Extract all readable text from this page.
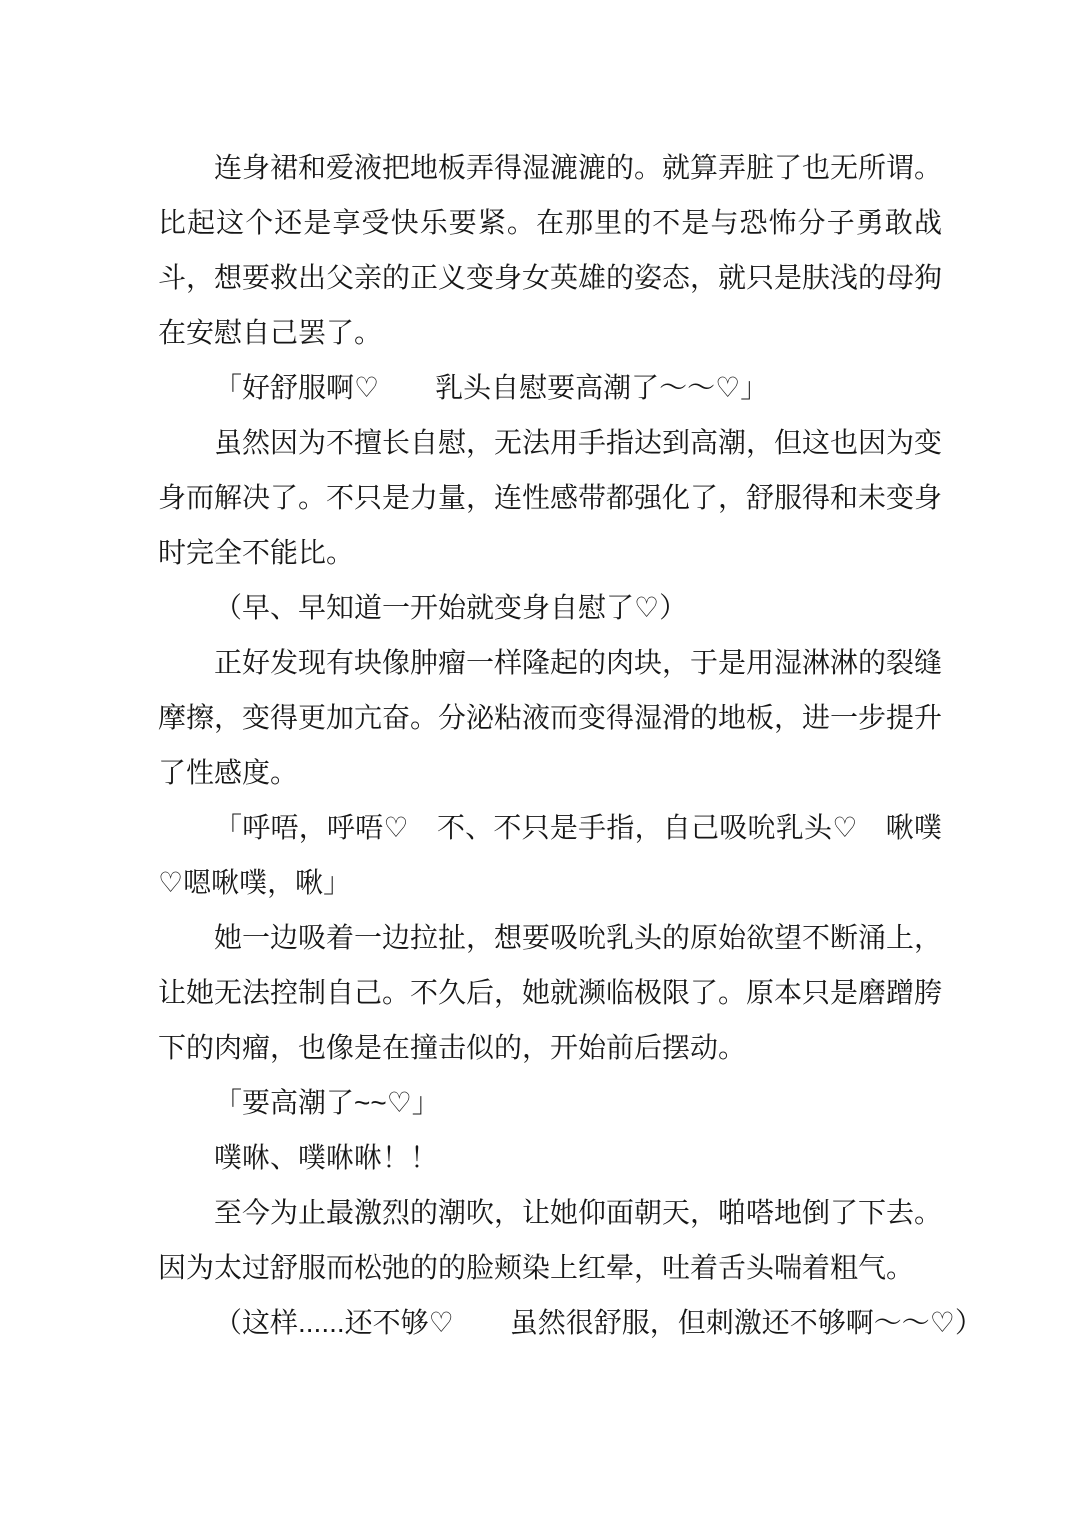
连身裙和爱液把地板弄得湿漉漉的。就算弄脏了也无所谓。比起这个还是享受快乐要紧。在那里的不是与恐怖分子勇敢战斗，想要救出父亲的正义变身女英雄的姿态，就只是肤浅的母狗在安慰自己罢了。

「好舒服啊♡　　乳头自慰要高潮了～～♡」

虽然因为不擅长自慰，无法用手指达到高潮，但这也因为变身而解决了。不只是力量，连性感带都强化了，舒服得和未变身时完全不能比。

（早、早知道一开始就变身自慰了♡）

正好发现有块像肿瘤一样隆起的肉块，于是用湿淋淋的裂缝摩擦，变得更加亢奋。分泌粘液而变得湿滑的地板，进一步提升了性感度。

「呼唔，呼唔♡　不、不只是手指，自己吸吮乳头♡　啾噗♡嗯啾噗，啾」

她一边吸着一边拉扯，想要吸吮乳头的原始欲望不断涌上，让她无法控制自己。不久后，她就濒临极限了。原本只是磨蹭胯下的肉瘤，也像是在撞击似的，开始前后摆动。

「要高潮了~~♡」

噗咻、噗咻咻！！

至今为止最激烈的潮吹，让她仰面朝天，啪嗒地倒了下去。因为太过舒服而松弛的的脸颊染上红晕，吐着舌头喘着粗气。

（这样......还不够♡　　虽然很舒服，但刺激还不够啊～～♡）
